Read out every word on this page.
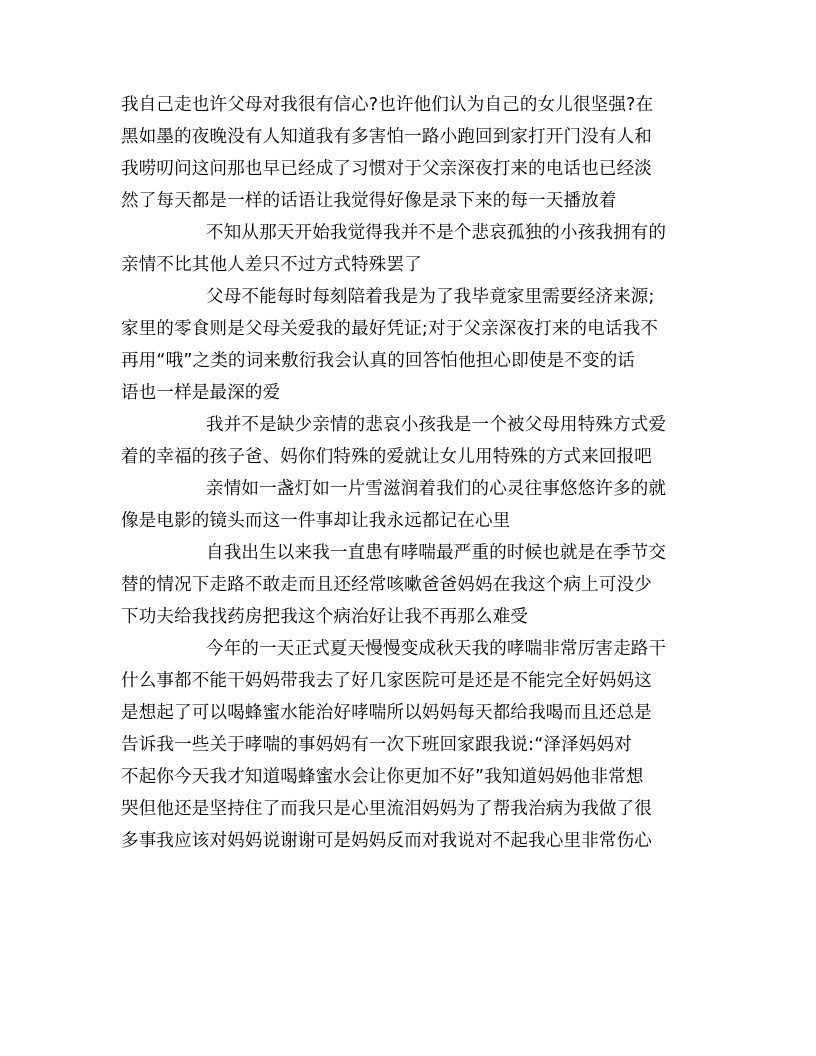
我自己走也许父母对我很有信心?也许他们认为自己的女儿很坚强?在
黑如墨的夜晚没有人知道我有多害怕一路小跑回到家打开门没有人和
我唠叨问这问那也早已经成了习惯对于父亲深夜打来的电话也已经淡
然了每天都是一样的话语让我觉得好像是录下来的每一天播放着
不知从那天开始我觉得我并不是个悲哀孤独的小孩我拥有的
亲情不比其他人差只不过方式特殊罢了
父母不能每时每刻陪着我是为了我毕竟家里需要经济来源;
家里的零食则是父母关爱我的最好凭证;对于父亲深夜打来的电话我不
再用“哦”之类的词来敷衍我会认真的回答怕他担心即使是不变的话
语也一样是最深的爱
我并不是缺少亲情的悲哀小孩我是一个被父母用特殊方式爱
着的幸福的孩子爸、妈你们特殊的爱就让女儿用特殊的方式来回报吧
亲情如一盏灯如一片雪滋润着我们的心灵往事悠悠许多的就
像是电影的镜头而这一件事却让我永远都记在心里
自我出生以来我一直患有哮喘最严重的时候也就是在季节交
替的情况下走路不敢走而且还经常咳嗽爸爸妈妈在我这个病上可没少
下功夫给我找药房把我这个病治好让我不再那么难受
今年的一天正式夏天慢慢变成秋天我的哮喘非常厉害走路干
什么事都不能干妈妈带我去了好几家医院可是还是不能完全好妈妈这
是想起了可以喝蜂蜜水能治好哮喘所以妈妈每天都给我喝而且还总是
告诉我一些关于哮喘的事妈妈有一次下班回家跟我说:“泽泽妈妈对
不起你今天我才知道喝蜂蜜水会让你更加不好”我知道妈妈他非常想
哭但他还是坚持住了而我只是心里流泪妈妈为了帮我治病为我做了很
多事我应该对妈妈说谢谢可是妈妈反而对我说对不起我心里非常伤心
